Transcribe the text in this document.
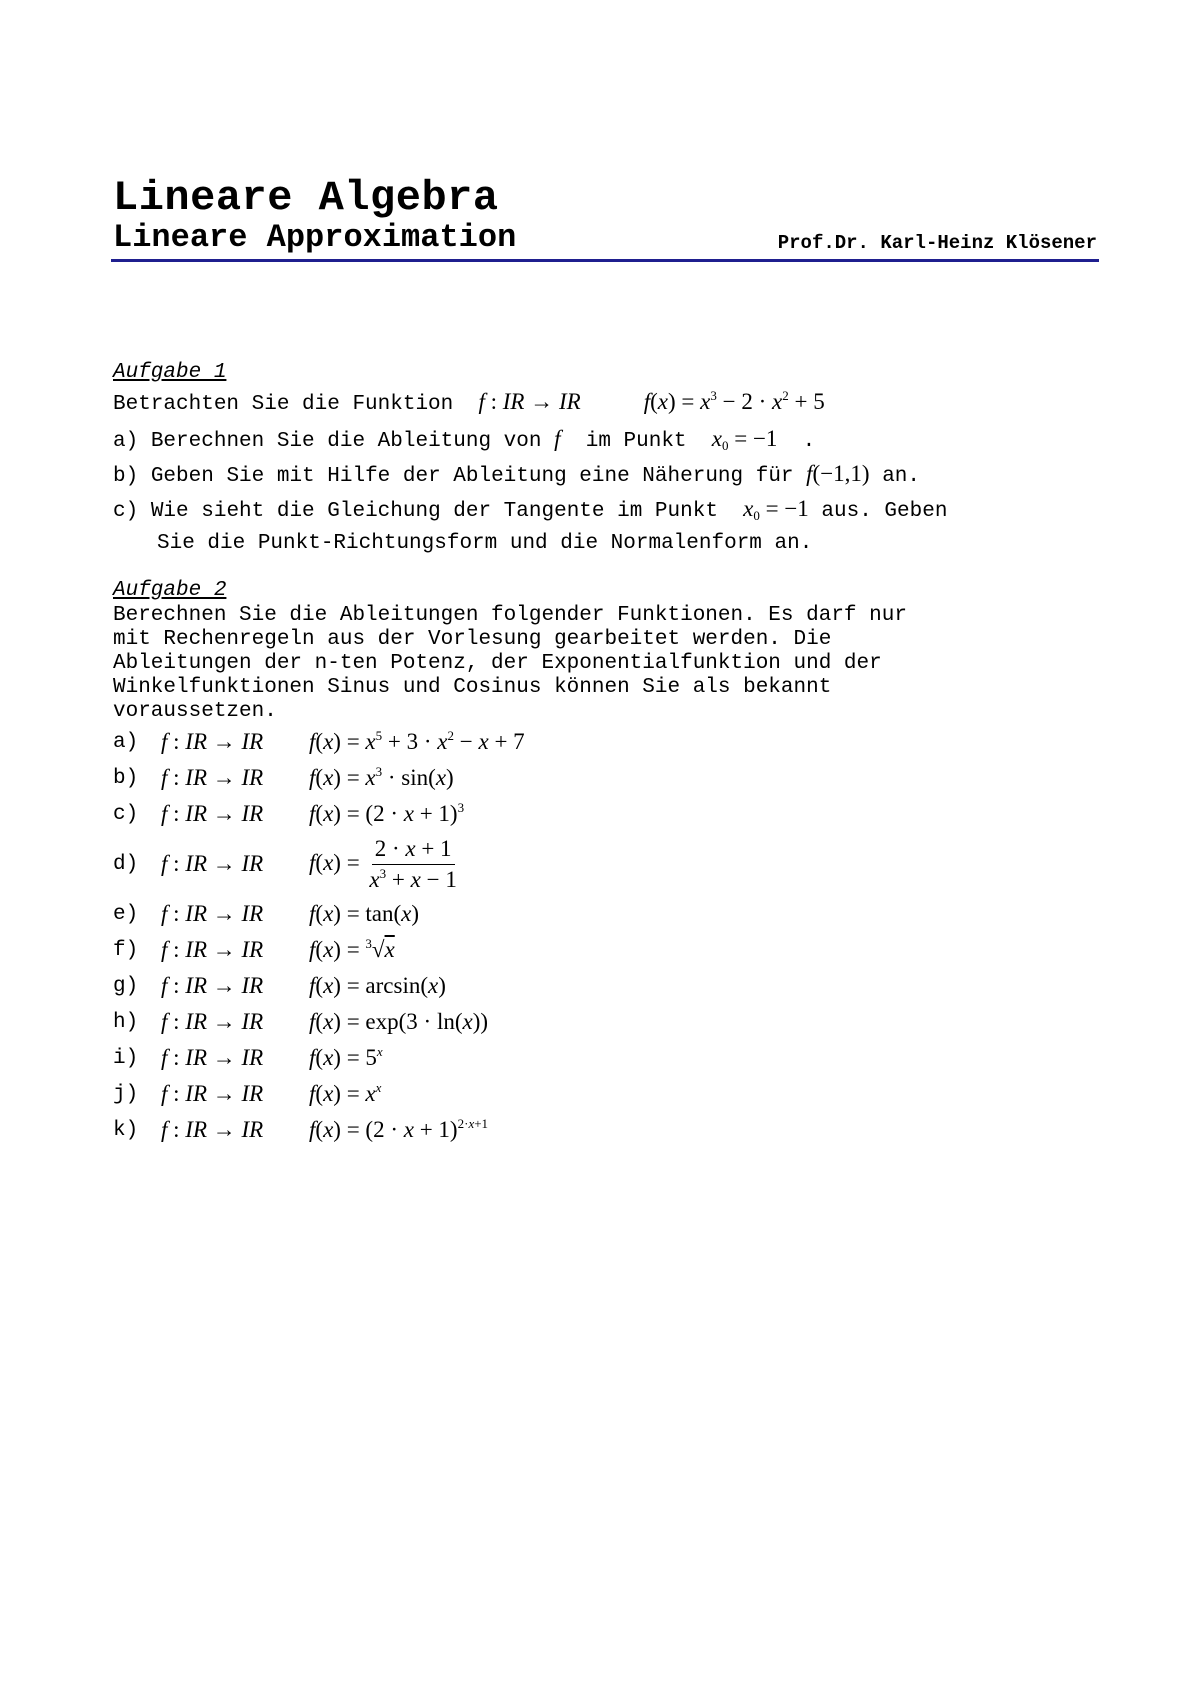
Lineare Algebra
Lineare Approximation	Prof.Dr. Karl-Heinz Klösener
Aufgabe 1
Betrachten Sie die Funktion f : IR → IR	$f(x) = x^3 - 2 \cdot x^2 + 5$
a) Berechnen Sie die Ableitung von f im Punkt $x_0 = -1$ .
b) Geben Sie mit Hilfe der Ableitung eine Näherung für f(−1,1) an.
c) Wie sieht die Gleichung der Tangente im Punkt $x_0 = -1$ aus. Geben
Sie die Punkt-Richtungsform und die Normalenform an.
Aufgabe 2
Berechnen Sie die Ableitungen folgender Funktionen. Es darf nur
mit Rechenregeln aus der Vorlesung gearbeitet werden. Die
Ableitungen der n-ten Potenz, der Exponentialfunktion und der
Winkelfunktionen Sinus und Cosinus können Sie als bekannt
voraussetzen.
a) f : IR → IR	$f(x) = x^5 + 3 \cdot x^2 - x + 7$
b) f : IR → IR	$f(x) = x^3 \cdot \sin(x)$
c) f : IR → IR	$f(x) = (2 \cdot x + 1)^3$
d) f : IR → IR	$f(x) = \frac{2 \cdot x + 1}{x^3 + x - 1}$
e) f : IR → IR	f(x) = tan(x)
f) f : IR → IR	f(x) = $^3$√x
g) f : IR → IR	f(x) = arcsin(x)
h) f : IR → IR	f(x) = exp(3 · ln(x))
i) f : IR → IR	$f(x) = 5^x$
j) f : IR → IR	$f(x) = x^x$
k) f : IR → IR	$f(x) = (2 \cdot x + 1)^{2\cdot x+1}$
